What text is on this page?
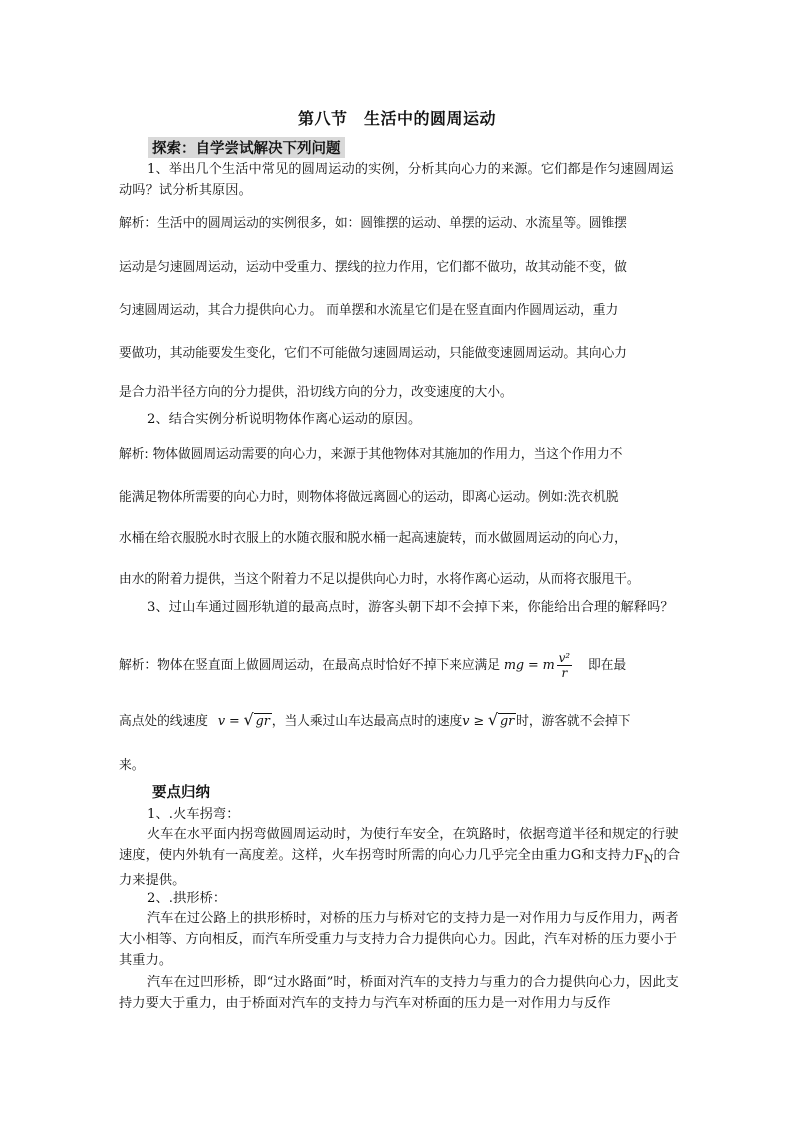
第八节　生活中的圆周运动
探索：自学尝试解决下列问题
1、举出几个生活中常见的圆周运动的实例，分析其向心力的来源。它们都是作匀速圆周运动吗？试分析其原因。
解析：生活中的圆周运动的实例很多，如：圆锥摆的运动、单摆的运动、水流星等。圆锥摆
运动是匀速圆周运动，运动中受重力、摆线的拉力作用，它们都不做功，故其动能不变，做
匀速圆周运动，其合力提供向心力。 而单摆和水流星它们是在竖直面内作圆周运动，重力
要做功，其动能要发生变化，它们不可能做匀速圆周运动，只能做变速圆周运动。其向心力
是合力沿半径方向的分力提供，沿切线方向的分力，改变速度的大小。
2、结合实例分析说明物体作离心运动的原因。
解析: 物体做圆周运动需要的向心力，来源于其他物体对其施加的作用力，当这个作用力不
能满足物体所需要的向心力时，则物体将做远离圆心的运动，即离心运动。例如:洗衣机脱
水桶在给衣服脱水时衣服上的水随衣服和脱水桶一起高速旋转，而水做圆周运动的向心力，
由水的附着力提供，当这个附着力不足以提供向心力时，水将作离心运动，从而将衣服甩干。
3、过山车通过圆形轨道的最高点时，游客头朝下却不会掉下来，你能给出合理的解释吗？
解析：物体在竖直面上做圆周运动，在最高点时恰好不掉下来应满足 mg = m $\frac{\text{v²}}{r}$ 即在最
高点处的线速度 v = √ gr ，当人乘过山车达最高点时的速度v ≥ √ gr 时，游客就不会掉下
来。
要点归纳
1、.火车拐弯：
火车在水平面内拐弯做圆周运动时，为使行车安全，在筑路时，依据弯道半径和规定的行驶速度，使内外轨有一高度差。这样，火车拐弯时所需的向心力几乎完全由重力G和支持力$F_N$的合力来提供。
2、.拱形桥：
汽车在过公路上的拱形桥时，对桥的压力与桥对它的支持力是一对作用力与反作用力，两者大小相等、方向相反，而汽车所受重力与支持力合力提供向心力。因此，汽车对桥的压力要小于其重力。
汽车在过凹形桥，即“过水路面”时，桥面对汽车的支持力与重力的合力提供向心力，因此支持力要大于重力，由于桥面对汽车的支持力与汽车对桥面的压力是一对作用力与反作
